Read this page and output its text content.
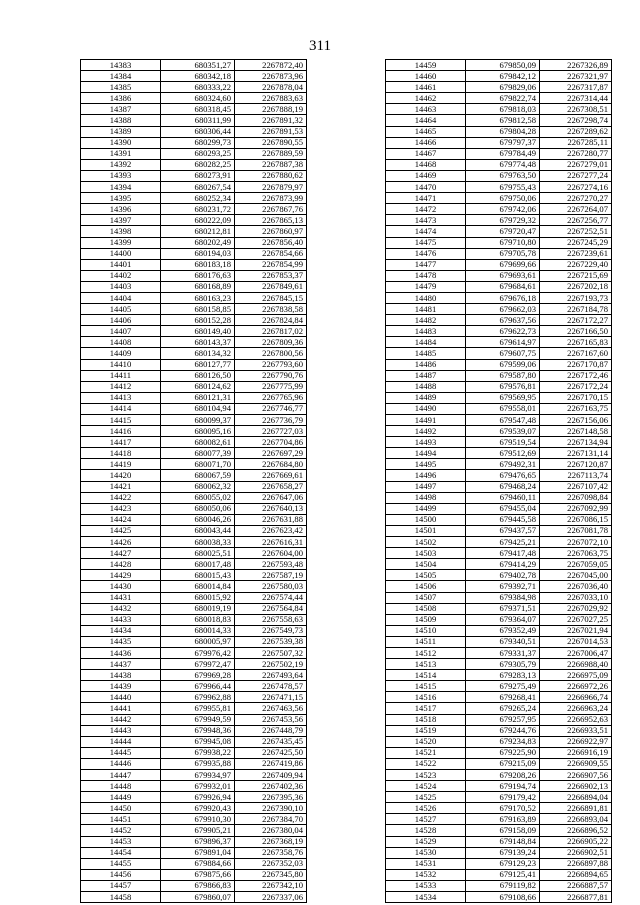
311
14383	680351,27	2267872,40
14384	680342,18	2267873,96
14385	680333,22	2267878,04
14386	680324,60	2267883,63
14387	680318,45	2267888,19
14388	680311,99	2267891,32
14389	680306,44	2267891,53
14390	680299,73	2267890,55
14391	680293,25	2267889,59
14392	680282,25	2267887,38
14393	680273,91	2267880,62
14394	680267,54	2267879,97
14395	680252,34	2267873,99
14396	680231,72	2267867,76
14397	680222,09	2267865,13
14398	680212,81	2267860,97
14399	680202,49	2267856,40
14400	680194,03	2267854,66
14401	680183,18	2267854,99
14402	680176,63	2267853,37
14403	680168,89	2267849,61
14404	680163,23	2267845,15
14405	680158,85	2267838,58
14406	680152,28	2267824,84
14407	680149,40	2267817,02
14408	680143,37	2267809,36
14409	680134,32	2267800,56
14410	680127,77	2267793,60
14411	680126,50	2267790,76
14412	680124,62	2267775,99
14413	680121,31	2267765,96
14414	680104,94	2267746,77
14415	680099,37	2267736,79
14416	680095,16	2267727,03
14417	680082,61	2267704,86
14418	680077,39	2267697,29
14419	680071,70	2267684,80
14420	680067,59	2267669,61
14421	680062,32	2267658,27
14422	680055,02	2267647,06
14423	680050,06	2267640,13
14424	680046,26	2267631,88
14425	680043,44	2267623,42
14426	680038,33	2267616,31
14427	680025,51	2267604,00
14428	680017,48	2267593,48
14429	680015,43	2267587,19
14430	680014,84	2267580,03
14431	680015,92	2267574,44
14432	680019,19	2267564,84
14433	680018,83	2267558,63
14434	680014,33	2267549,73
14435	680005,97	2267539,38
14436	679976,42	2267507,32
14437	679972,47	2267502,19
14438	679969,28	2267493,64
14439	679966,44	2267478,57
14440	679962,88	2267471,15
14441	679955,81	2267463,56
14442	679949,59	2267453,56
14443	679948,36	2267448,79
14444	679945,08	2267435,45
14445	679938,22	2267425,50
14446	679935,88	2267419,86
14447	679934,97	2267409,94
14448	679932,01	2267402,36
14449	679926,94	2267395,36
14450	679920,43	2267390,10
14451	679910,30	2267384,70
14452	679905,21	2267380,04
14453	679896,37	2267368,19
14454	679891,04	2267358,76
14455	679884,66	2267352,03
14456	679875,66	2267345,80
14457	679866,83	2267342,10
14458	679860,07	2267337,06
14459	679850,09	2267326,89
14460	679842,12	2267321,97
14461	679829,06	2267317,87
14462	679822,74	2267314,44
14463	679818,03	2267308,51
14464	679812,58	2267298,74
14465	679804,28	2267289,62
14466	679797,37	2267285,11
14467	679784,49	2267280,77
14468	679774,48	2267279,01
14469	679763,50	2267277,24
14470	679755,43	2267274,16
14471	679750,06	2267270,27
14472	679742,06	2267264,07
14473	679729,32	2267256,77
14474	679720,47	2267252,51
14475	679710,80	2267245,29
14476	679705,78	2267239,61
14477	679699,66	2267229,40
14478	679693,61	2267215,69
14479	679684,61	2267202,18
14480	679676,18	2267193,73
14481	679662,03	2267184,78
14482	679637,56	2267172,27
14483	679622,73	2267166,50
14484	679614,97	2267165,83
14485	679607,75	2267167,60
14486	679599,06	2267170,87
14487	679587,80	2267172,46
14488	679576,81	2267172,24
14489	679569,95	2267170,15
14490	679558,01	2267163,75
14491	679547,48	2267156,06
14492	679539,07	2267148,58
14493	679519,54	2267134,94
14494	679512,69	2267131,14
14495	679492,31	2267120,87
14496	679476,65	2267113,74
14497	679468,24	2267107,42
14498	679460,11	2267098,84
14499	679455,04	2267092,99
14500	679445,58	2267086,15
14501	679437,57	2267081,78
14502	679425,21	2267072,10
14503	679417,48	2267063,75
14504	679414,29	2267059,05
14505	679402,78	2267045,00
14506	679392,71	2267036,40
14507	679384,98	2267033,10
14508	679371,51	2267029,92
14509	679364,07	2267027,25
14510	679352,49	2267021,94
14511	679340,51	2267014,53
14512	679331,37	2267006,47
14513	679305,79	2266988,40
14514	679283,13	2266975,09
14515	679275,49	2266972,26
14516	679268,41	2266966,74
14517	679265,24	2266963,24
14518	679257,95	2266952,63
14519	679244,76	2266933,51
14520	679234,83	2266922,97
14521	679225,90	2266916,19
14522	679215,09	2266909,55
14523	679208,26	2266907,56
14524	679194,74	2266902,13
14525	679179,42	2266894,04
14526	679170,52	2266891,81
14527	679163,89	2266893,04
14528	679158,09	2266896,52
14529	679148,84	2266905,22
14530	679139,24	2266902,51
14531	679129,23	2266897,88
14532	679125,41	2266894,65
14533	679119,82	2266887,57
14534	679108,66	2266877,81
